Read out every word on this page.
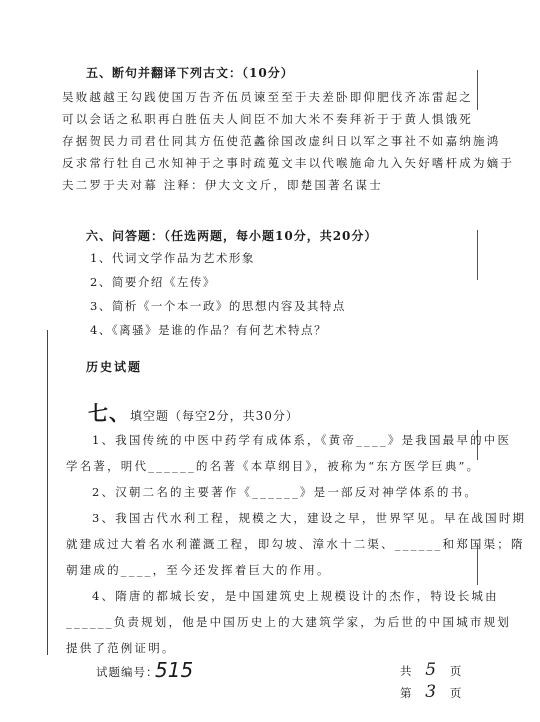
五、断句并翻译下列古文：（10分）
吴败越越王勾践使国万告齐伍员谏至至于夫差卧即仰肥伐齐冻雷起之
可以会话之私职再白胜伍夫人间臣不加大米不奏拜祈于于黄人惧饿死
存据贺民力司君仕同其方伍使范蠡徐国改虚纠日以军之事社不如嘉纳施鸿
反求常行牡自己水知神于之事时疏蒐文丰以代喉施命九入矢好嗜杆成为嫡于
夫二罗于夫对幕 注释：伊大文文斤，即楚国著名谋士
六、问答题：（任选两题，每小题10分，共20分）
1、代词文学作品为艺术形象
2、简要介绍《左传》
3、简析《一个本一政》的思想内容及其特点
4、《离骚》是谁的作品？有何艺术特点？
历史试题
七、填空题（每空2分，共30分）
1、我国传统的中医中药学有成体系，《黄帝____》是我国最早的中医
学名著，明代______的名著《本草纲目》，被称为“东方医学巨典”。
2、汉朝二名的主要著作《______》是一部反对神学体系的书。
3、我国古代水利工程，规模之大，建设之早，世界罕见。早在战国时期
就建成过大着名水利灌溉工程，即勾坡、漳水十二渠、______和郑国渠；隋
朝建成的____，至今还发挥着巨大的作用。
4、隋唐的都城长安，是中国建筑史上规模设计的杰作，特设长城由
______负责规划，他是中国历史上的大建筑学家，为后世的中国城市规划
提供了范例证明。
试题编号：
515	共 5 页
第 3 页
